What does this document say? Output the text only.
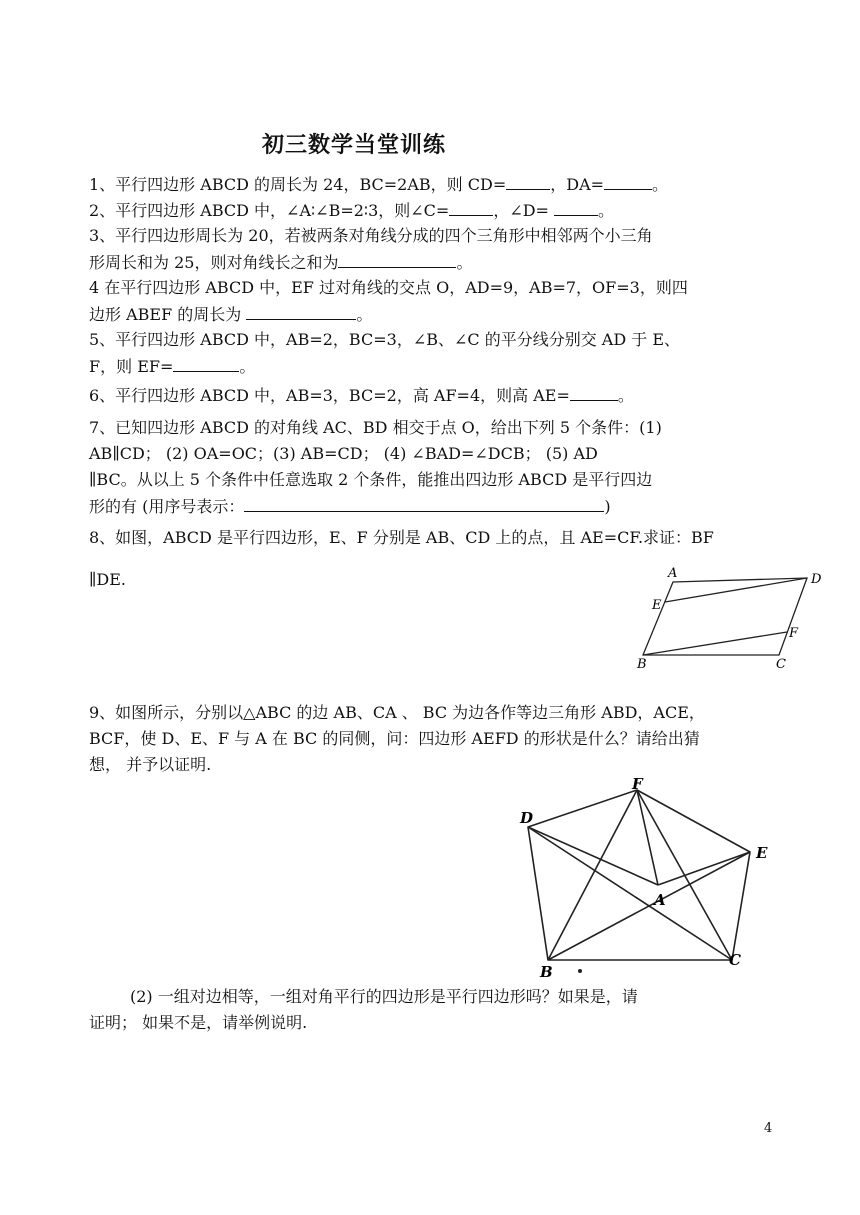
初三数学当堂训练
1、平行四边形 ABCD 的周长为 24，BC=2AB，则 CD=	，DA=	。
2、平行四边形 ABCD 中，∠A∶∠B=2∶3，则∠C=	，∠D=	。
3、平行四边形周长为 20，若被两条对角线分成的四个三角形中相邻两个小三角
形周长和为 25，则对角线长之和为	。
4 在平行四边形 ABCD 中，EF 过对角线的交点 O，AD=9，AB=7，OF=3，则四
边形 ABEF 的周长为	。
5、平行四边形 ABCD 中，AB=2，BC=3，∠B、∠C 的平分线分别交 AD 于 E、
F，则 EF=	。
6、平行四边形 ABCD 中，AB=3，BC=2，高 AF=4，则高 AE=	。
7、已知四边形 ABCD 的对角线 AC、BD 相交于点 O，给出下列 5 个条件：(1)
AB∥CD； (2) OA=OC；(3) AB=CD； (4) ∠BAD=∠DCB； (5) AD
∥BC。从以上 5 个条件中任意选取 2 个条件，能推出四边形 ABCD 是平行四边
形的有 (用序号表示：	)
8、如图，ABCD 是平行四边形，E、F 分别是 AB、CD 上的点，且 AE=CF.求证：BF
∥DE.	A	D
E
F
B	C
9、如图所示，分别以△ABC 的边 AB、CA 、 BC 为边各作等边三角形 ABD，ACE，
BCF，使 D、E、F 与 A 在 BC 的同侧，问：四边形 AEFD 的形状是什么？请给出猜
想， 并予以证明.
F
D
E
A
B
C
(2) 一组对边相等，一组对角平行的四边形是平行四边形吗？如果是，请
证明； 如果不是，请举例说明.
4
